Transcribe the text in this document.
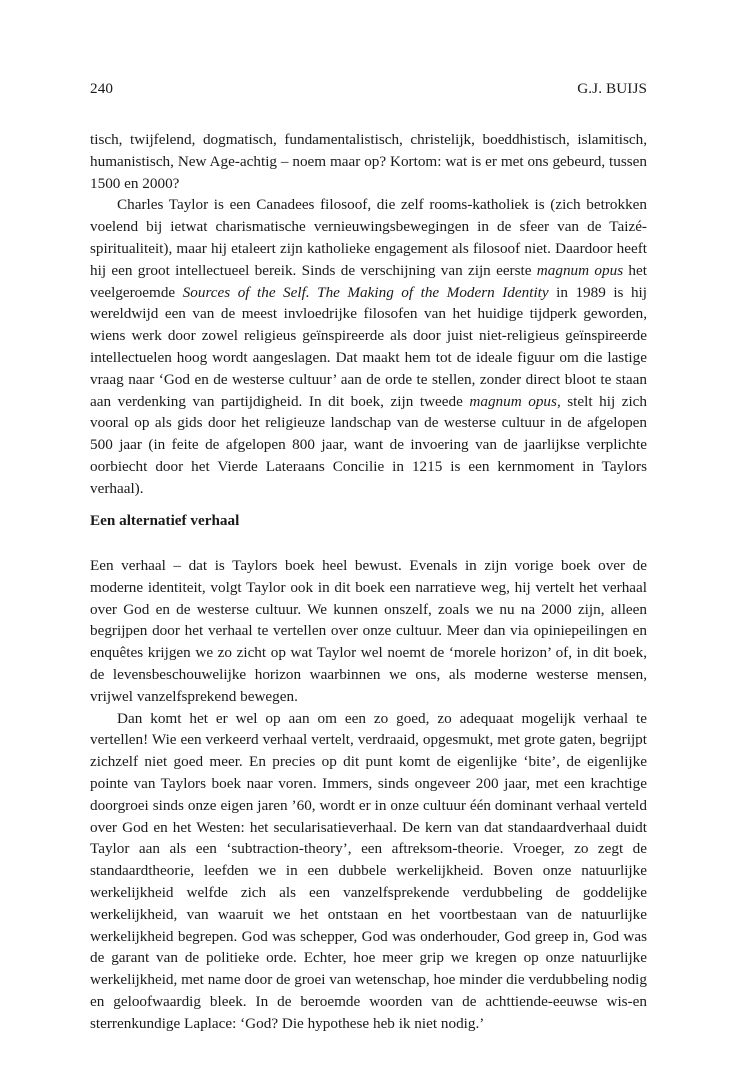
240	G.J. BUIJS

tisch, twijfelend, dogmatisch, fundamentalistisch, christelijk, boeddhistisch, islamitisch, humanistisch, New Age-achtig – noem maar op? Kortom: wat is er met ons gebeurd, tussen 1500 en 2000?

Charles Taylor is een Canadees filosoof, die zelf rooms-katholiek is (zich betrokken voelend bij ietwat charismatische vernieuwingsbewegingen in de sfeer van de Taizé-spiritualiteit), maar hij etaleert zijn katholieke engagement als filosoof niet. Daardoor heeft hij een groot intellectueel bereik. Sinds de verschijning van zijn eerste magnum opus het veelgeroemde Sources of the Self. The Making of the Modern Identity in 1989 is hij wereldwijd een van de meest invloedrijke filosofen van het huidige tijdperk geworden, wiens werk door zowel religieus geïnspireerde als door juist niet-religieus geïnspireerde intellectuelen hoog wordt aangeslagen. Dat maakt hem tot de ideale figuur om die lastige vraag naar ‘God en de westerse cultuur’ aan de orde te stellen, zonder direct bloot te staan aan verdenking van partijdigheid. In dit boek, zijn tweede magnum opus, stelt hij zich vooral op als gids door het religieuze landschap van de westerse cultuur in de afgelopen 500 jaar (in feite de afgelopen 800 jaar, want de invoering van de jaarlijkse verplichte oorbiecht door het Vierde Lateraans Concilie in 1215 is een kernmoment in Taylors verhaal).

Een alternatief verhaal

Een verhaal – dat is Taylors boek heel bewust. Evenals in zijn vorige boek over de moderne identiteit, volgt Taylor ook in dit boek een narratieve weg, hij vertelt het verhaal over God en de westerse cultuur. We kunnen onszelf, zoals we nu na 2000 zijn, alleen begrijpen door het verhaal te vertellen over onze cultuur. Meer dan via opiniepeilingen en enquêtes krijgen we zo zicht op wat Taylor wel noemt de ‘morele horizon’ of, in dit boek, de levensbeschouwelijke horizon waarbinnen we ons, als moderne westerse mensen, vrijwel vanzelfsprekend bewegen.

Dan komt het er wel op aan om een zo goed, zo adequaat mogelijk verhaal te vertellen! Wie een verkeerd verhaal vertelt, verdraaid, opgesmukt, met grote gaten, begrijpt zichzelf niet goed meer. En precies op dit punt komt de eigenlijke ‘bite’, de eigenlijke pointe van Taylors boek naar voren. Immers, sinds ongeveer 200 jaar, met een krachtige doorgroei sinds onze eigen jaren ’60, wordt er in onze cultuur één dominant verhaal verteld over God en het Westen: het secularisatieverhaal. De kern van dat standaardverhaal duidt Taylor aan als een ‘subtraction-theory’, een aftreksom-theorie. Vroeger, zo zegt de standaardtheorie, leefden we in een dubbele werkelijkheid. Boven onze natuurlijke werkelijkheid welfde zich als een vanzelfsprekende verdubbeling de goddelijke werkelijkheid, van waaruit we het ontstaan en het voortbestaan van de natuurlijke werkelijkheid begrepen. God was schepper, God was onderhouder, God greep in, God was de garant van de politieke orde. Echter, hoe meer grip we kregen op onze natuurlijke werkelijkheid, met name door de groei van wetenschap, hoe minder die verdubbeling nodig en geloofwaardig bleek. In de beroemde woorden van de achttiende-eeuwse wis-en sterrenkundige Laplace: ‘God? Die hypothese heb ik niet nodig.’
